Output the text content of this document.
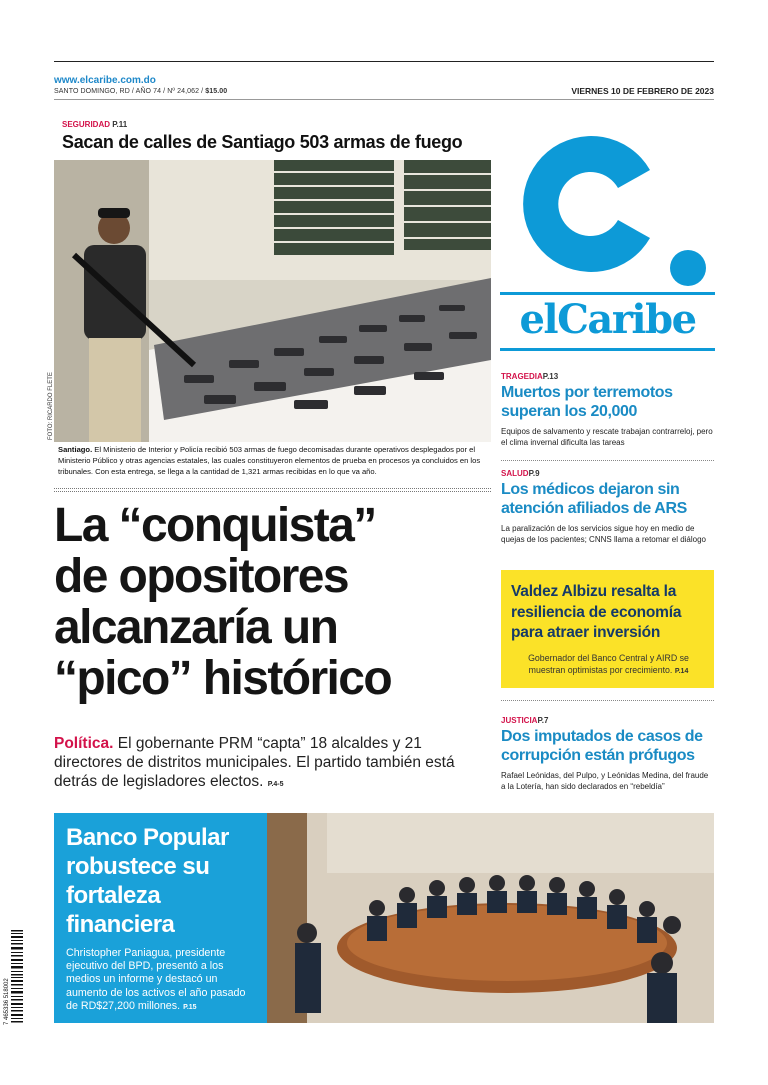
www.elcaribe.com.do
SANTO DOMINGO, RD / AÑO 74 / Nº 24,062 / $15.00	VIERNES 10 DE FEBRERO DE 2023
SEGURIDAD P.11
Sacan de calles de Santiago 503 armas de fuego
Santiago. El Ministerio de Interior y Policía recibió 503 armas de fuego decomisadas durante operativos desplegados por el Ministerio Público y otras agencias estatales, las cuales constituyeron elementos de prueba en procesos ya concluidos en los tribunales. Con esta entrega, se llega a la cantidad de 1,321 armas recibidas en lo que va año.
FOTO: RICARDO FLETE
La “conquista”
de opositores
alcanzaría un
“pico” histórico
Política. El gobernante PRM “capta” 18 alcaldes y 21 directores de distritos municipales. El partido también está detrás de legisladores electos. P.4-5
elCaribe
TRAGEDIAP.13
Muertos por terremotos superan los 20,000
Equipos de salvamento y rescate trabajan contrarreloj, pero el clima invernal dificulta las tareas
SALUDP.9
Los médicos dejaron sin atención afiliados de ARS
La paralización de los servicios sigue hoy en medio de quejas de los pacientes; CNNS llama a retomar el diálogo
Valdez Albizu resalta la resiliencia de economía para atraer inversión
Gobernador del Banco Central y AIRD se muestran optimistas por crecimiento. P.14
JUSTICIAP.7
Dos imputados de casos de corrupción están prófugos
Rafael Leónidas, del Pulpo, y Leónidas Medina, del fraude a la Lotería, han sido declarados en “rebeldía”
Banco Popular robustece su fortaleza financiera
Christopher Paniagua, presidente ejecutivo del BPD, presentó a los medios un informe y destacó un aumento de los activos el año pasado de RD$27,200 millones. P.15
7 465336 518002
